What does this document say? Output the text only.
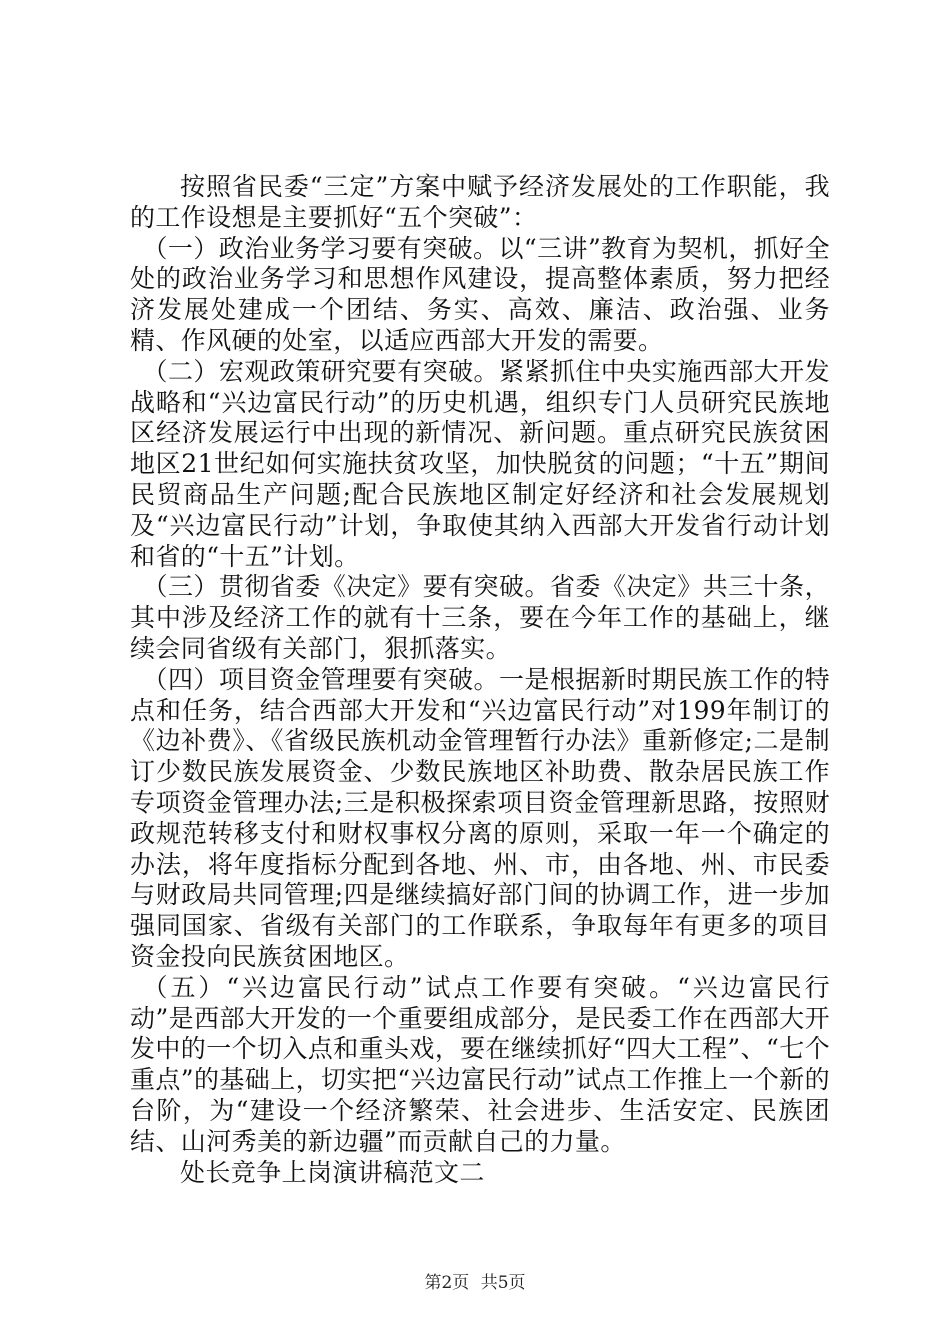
按照省民委“三定”方案中赋予经济发展处的工作职能，我的工作设想是主要抓好“五个突破”：

（一）政治业务学习要有突破。以“三讲”教育为契机，抓好全处的政治业务学习和思想作风建设，提高整体素质，努力把经济发展处建成一个团结、务实、高效、廉洁、政治强、业务精、作风硬的处室，以适应西部大开发的需要。

（二）宏观政策研究要有突破。紧紧抓住中央实施西部大开发战略和“兴边富民行动”的历史机遇，组织专门人员研究民族地区经济发展运行中出现的新情况、新问题。重点研究民族贫困地区21世纪如何实施扶贫攻坚，加快脱贫的问题；“十五”期间民贸商品生产问题;配合民族地区制定好经济和社会发展规划及“兴边富民行动”计划，争取使其纳入西部大开发省行动计划和省的“十五”计划。

（三）贯彻省委《决定》要有突破。省委《决定》共三十条，其中涉及经济工作的就有十三条，要在今年工作的基础上，继续会同省级有关部门，狠抓落实。

（四）项目资金管理要有突破。一是根据新时期民族工作的特点和任务，结合西部大开发和“兴边富民行动”对199年制订的《边补费》、《省级民族机动金管理暂行办法》重新修定;二是制订少数民族发展资金、少数民族地区补助费、散杂居民族工作专项资金管理办法;三是积极探索项目资金管理新思路，按照财政规范转移支付和财权事权分离的原则，采取一年一个确定的办法，将年度指标分配到各地、州、市，由各地、州、市民委与财政局共同管理;四是继续搞好部门间的协调工作，进一步加强同国家、省级有关部门的工作联系，争取每年有更多的项目资金投向民族贫困地区。

（五）“兴边富民行动”试点工作要有突破。“兴边富民行动”是西部大开发的一个重要组成部分，是民委工作在西部大开发中的一个切入点和重头戏，要在继续抓好“四大工程”、“七个重点”的基础上，切实把“兴边富民行动”试点工作推上一个新的台阶，为“建设一个经济繁荣、社会进步、生活安定、民族团结、山河秀美的新边疆”而贡献自己的力量。

处长竞争上岗演讲稿范文二

第2页 共5页
